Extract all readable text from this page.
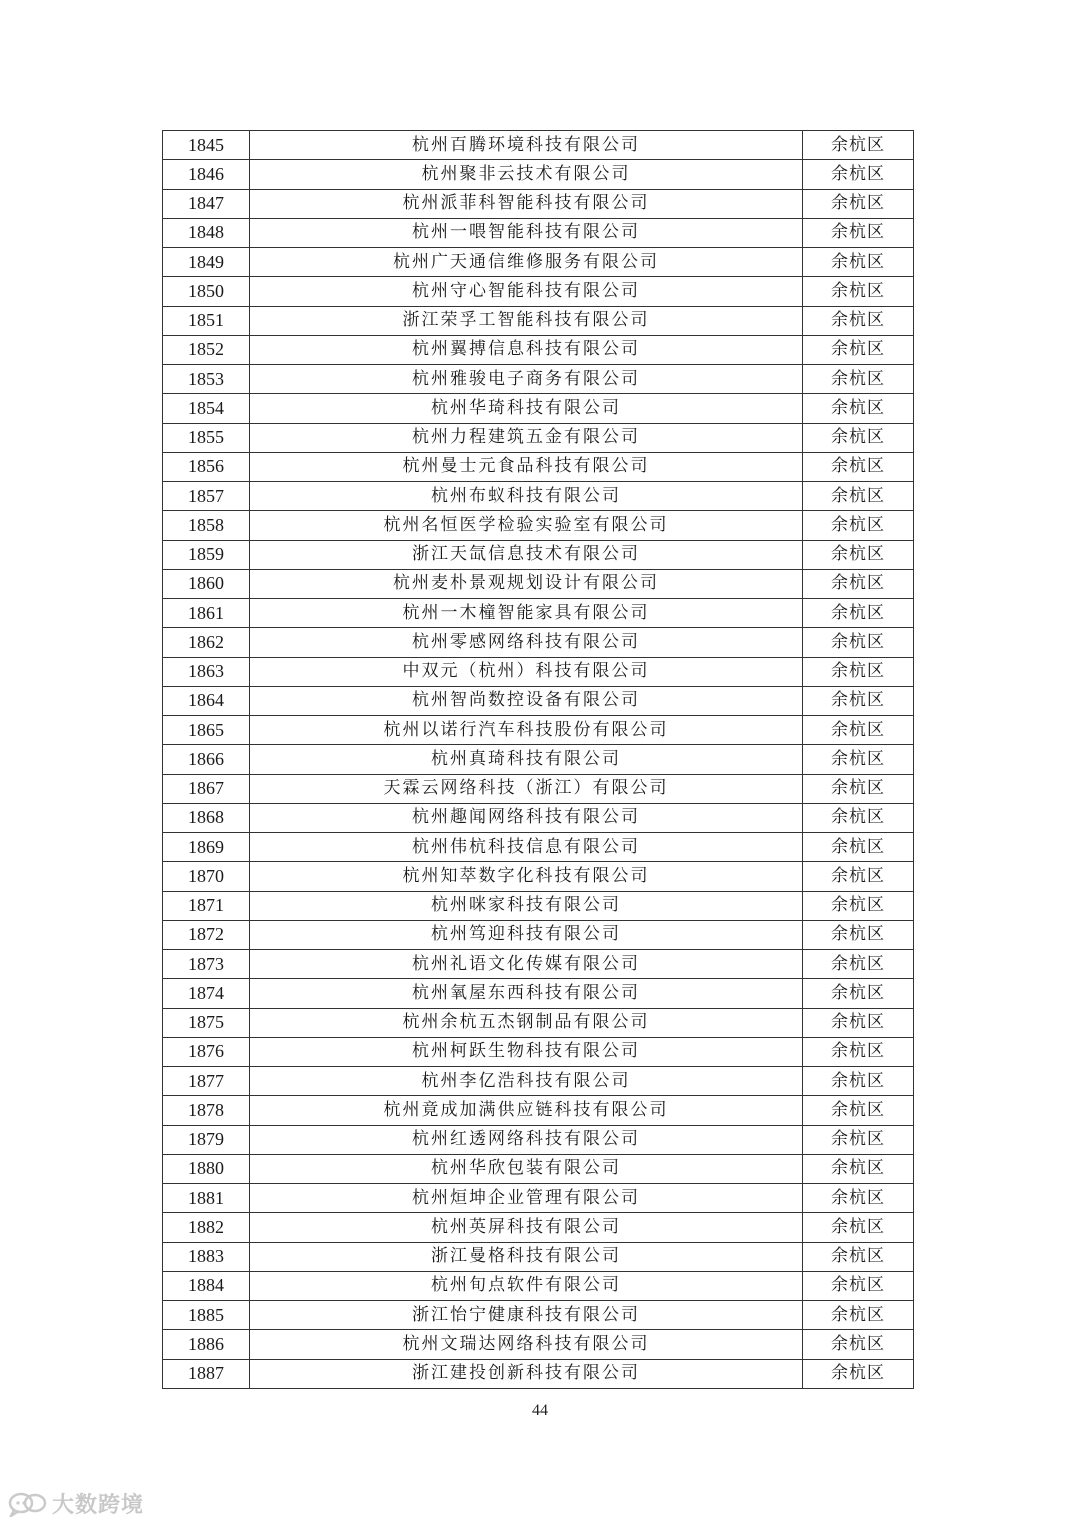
1845	杭州百腾环境科技有限公司	余杭区
1846	杭州聚非云技术有限公司	余杭区
1847	杭州派菲科智能科技有限公司	余杭区
1848	杭州一喂智能科技有限公司	余杭区
1849	杭州广天通信维修服务有限公司	余杭区
1850	杭州守心智能科技有限公司	余杭区
1851	浙江荣孚工智能科技有限公司	余杭区
1852	杭州翼搏信息科技有限公司	余杭区
1853	杭州雅骏电子商务有限公司	余杭区
1854	杭州华琦科技有限公司	余杭区
1855	杭州力程建筑五金有限公司	余杭区
1856	杭州曼士元食品科技有限公司	余杭区
1857	杭州布蚁科技有限公司	余杭区
1858	杭州名恒医学检验实验室有限公司	余杭区
1859	浙江天氙信息技术有限公司	余杭区
1860	杭州麦朴景观规划设计有限公司	余杭区
1861	杭州一木橦智能家具有限公司	余杭区
1862	杭州零感网络科技有限公司	余杭区
1863	中双元（杭州）科技有限公司	余杭区
1864	杭州智尚数控设备有限公司	余杭区
1865	杭州以诺行汽车科技股份有限公司	余杭区
1866	杭州真琦科技有限公司	余杭区
1867	天霖云网络科技（浙江）有限公司	余杭区
1868	杭州趣闻网络科技有限公司	余杭区
1869	杭州伟杭科技信息有限公司	余杭区
1870	杭州知萃数字化科技有限公司	余杭区
1871	杭州咪家科技有限公司	余杭区
1872	杭州笃迎科技有限公司	余杭区
1873	杭州礼语文化传媒有限公司	余杭区
1874	杭州氧屋东西科技有限公司	余杭区
1875	杭州余杭五杰钢制品有限公司	余杭区
1876	杭州柯跃生物科技有限公司	余杭区
1877	杭州李亿浩科技有限公司	余杭区
1878	杭州竟成加满供应链科技有限公司	余杭区
1879	杭州红透网络科技有限公司	余杭区
1880	杭州华欣包装有限公司	余杭区
1881	杭州烜坤企业管理有限公司	余杭区
1882	杭州英屏科技有限公司	余杭区
1883	浙江曼格科技有限公司	余杭区
1884	杭州旬点软件有限公司	余杭区
1885	浙江怡宁健康科技有限公司	余杭区
1886	杭州文瑞达网络科技有限公司	余杭区
1887	浙江建投创新科技有限公司	余杭区
44
大数跨境
